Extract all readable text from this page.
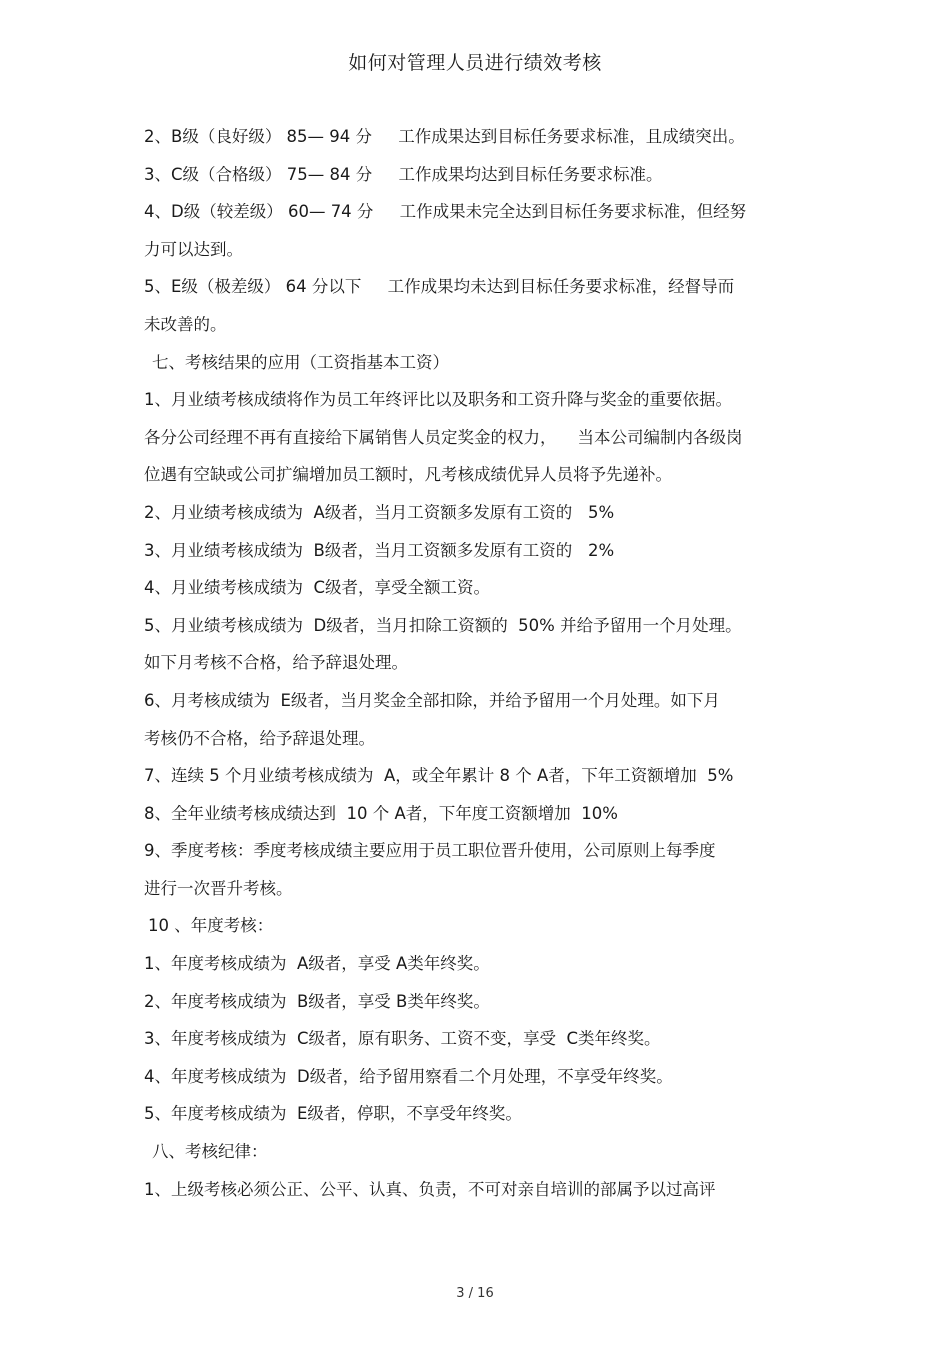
如何对管理人员进行绩效考核
2、B级（良好级） 85— 94 分     工作成果达到目标任务要求标准，且成绩突出。
3、C级（合格级） 75— 84 分     工作成果均达到目标任务要求标准。
4、D级（较差级） 60— 74 分     工作成果未完全达到目标任务要求标准，但经努
力可以达到。
5、E级（极差级） 64 分以下     工作成果均未达到目标任务要求标准，经督导而
未改善的。
七、考核结果的应用（工资指基本工资）
1、月业绩考核成绩将作为员工年终评比以及职务和工资升降与奖金的重要依据。
各分公司经理不再有直接给下属销售人员定奖金的权力，    当本公司编制内各级岗
位遇有空缺或公司扩编增加员工额时，凡考核成绩优异人员将予先递补。
2、月业绩考核成绩为  A级者，当月工资额多发原有工资的   5%
3、月业绩考核成绩为  B级者，当月工资额多发原有工资的   2%
4、月业绩考核成绩为  C级者，享受全额工资。
5、月业绩考核成绩为  D级者，当月扣除工资额的  50% 并给予留用一个月处理。
如下月考核不合格，给予辞退处理。
6、月考核成绩为  E级者，当月奖金全部扣除，并给予留用一个月处理。如下月
考核仍不合格，给予辞退处理。
7、连续 5 个月业绩考核成绩为  A，或全年累计 8 个 A者，下年工资额增加  5%
8、全年业绩考核成绩达到  10 个 A者，下年度工资额增加  10%
9、季度考核：季度考核成绩主要应用于员工职位晋升使用，公司原则上每季度
进行一次晋升考核。
10 、年度考核：
1、年度考核成绩为  A级者，享受 A类年终奖。
2、年度考核成绩为  B级者，享受 B类年终奖。
3、年度考核成绩为  C级者，原有职务、工资不变，享受  C类年终奖。
4、年度考核成绩为  D级者，给予留用察看二个月处理，不享受年终奖。
5、年度考核成绩为  E级者，停职，不享受年终奖。
八、考核纪律：
1、上级考核必须公正、公平、认真、负责，不可对亲自培训的部属予以过高评
3 / 16
